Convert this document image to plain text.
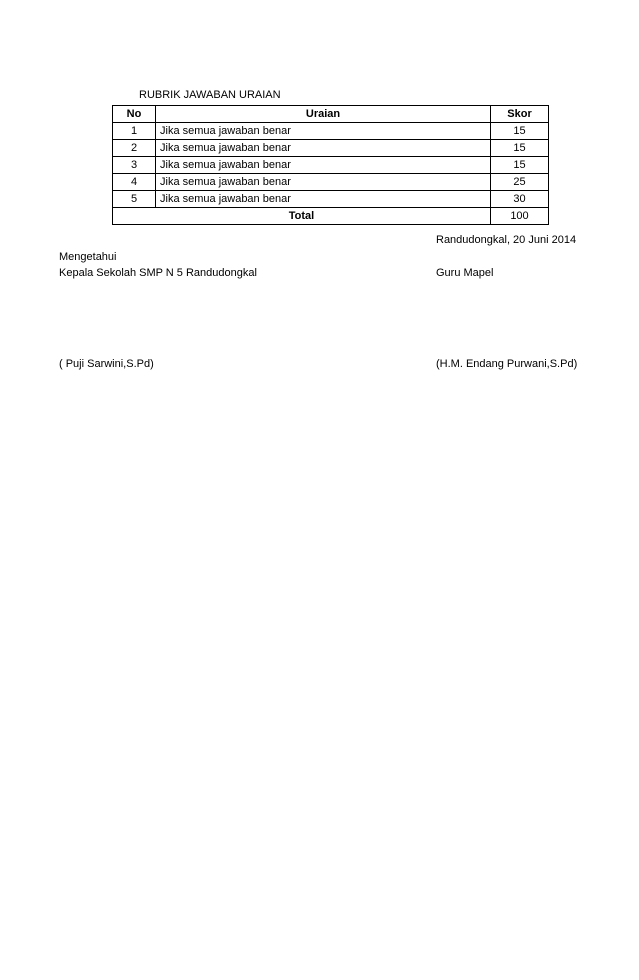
RUBRIK JAWABAN URAIAN
No	Uraian	Skor
1	Jika semua jawaban benar	15
2	Jika semua jawaban benar	15
3	Jika semua jawaban benar	15
4	Jika semua jawaban benar	25
5	Jika semua jawaban benar	30
Total		100
Randudongkal, 20 Juni 2014
Mengetahui
Kepala Sekolah SMP N 5 Randudongkal	Guru Mapel
( Puji Sarwini,S.Pd)	(H.M. Endang Purwani,S.Pd)
